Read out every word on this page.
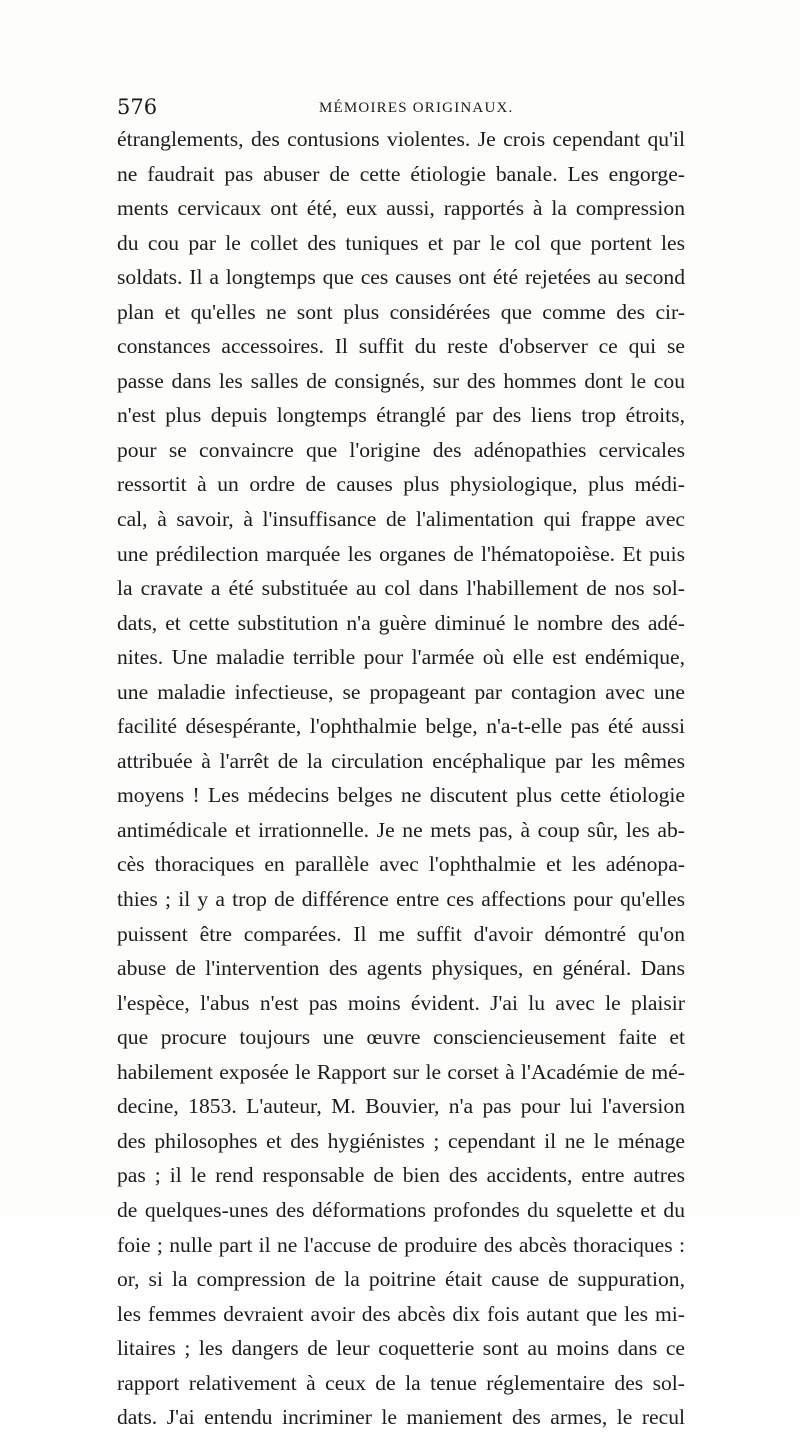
576	MÉMOIRES ORIGINAUX.
étranglements, des contusions violentes. Je crois cependant qu'il
ne faudrait pas abuser de cette étiologie banale. Les engorge-
ments cervicaux ont été, eux aussi, rapportés à la compression
du cou par le collet des tuniques et par le col que portent les
soldats. Il a longtemps que ces causes ont été rejetées au second
plan et qu'elles ne sont plus considérées que comme des cir-
constances accessoires. Il suffit du reste d'observer ce qui se
passe dans les salles de consignés, sur des hommes dont le cou
n'est plus depuis longtemps étranglé par des liens trop étroits,
pour se convaincre que l'origine des adénopathies cervicales
ressortit à un ordre de causes plus physiologique, plus médi-
cal, à savoir, à l'insuffisance de l'alimentation qui frappe avec
une prédilection marquée les organes de l'hématopoièse. Et puis
la cravate a été substituée au col dans l'habillement de nos sol-
dats, et cette substitution n'a guère diminué le nombre des adé-
nites. Une maladie terrible pour l'armée où elle est endémique,
une maladie infectieuse, se propageant par contagion avec une
facilité désespérante, l'ophthalmie belge, n'a-t-elle pas été aussi
attribuée à l'arrêt de la circulation encéphalique par les mêmes
moyens ! Les médecins belges ne discutent plus cette étiologie
antimédicale et irrationnelle. Je ne mets pas, à coup sûr, les ab-
cès thoraciques en parallèle avec l'ophthalmie et les adénopa-
thies ; il y a trop de différence entre ces affections pour qu'elles
puissent être comparées. Il me suffit d'avoir démontré qu'on
abuse de l'intervention des agents physiques, en général. Dans
l'espèce, l'abus n'est pas moins évident. J'ai lu avec le plaisir
que procure toujours une œuvre consciencieusement faite et
habilement exposée le Rapport sur le corset à l'Académie de mé-
decine, 1853. L'auteur, M. Bouvier, n'a pas pour lui l'aversion
des philosophes et des hygiénistes ; cependant il ne le ménage
pas ; il le rend responsable de bien des accidents, entre autres
de quelques-unes des déformations profondes du squelette et du
foie ; nulle part il ne l'accuse de produire des abcès thoraciques :
or, si la compression de la poitrine était cause de suppuration,
les femmes devraient avoir des abcès dix fois autant que les mi-
litaires ; les dangers de leur coquetterie sont au moins dans ce
rapport relativement à ceux de la tenue réglementaire des sol-
dats. J'ai entendu incriminer le maniement des armes, le recul
